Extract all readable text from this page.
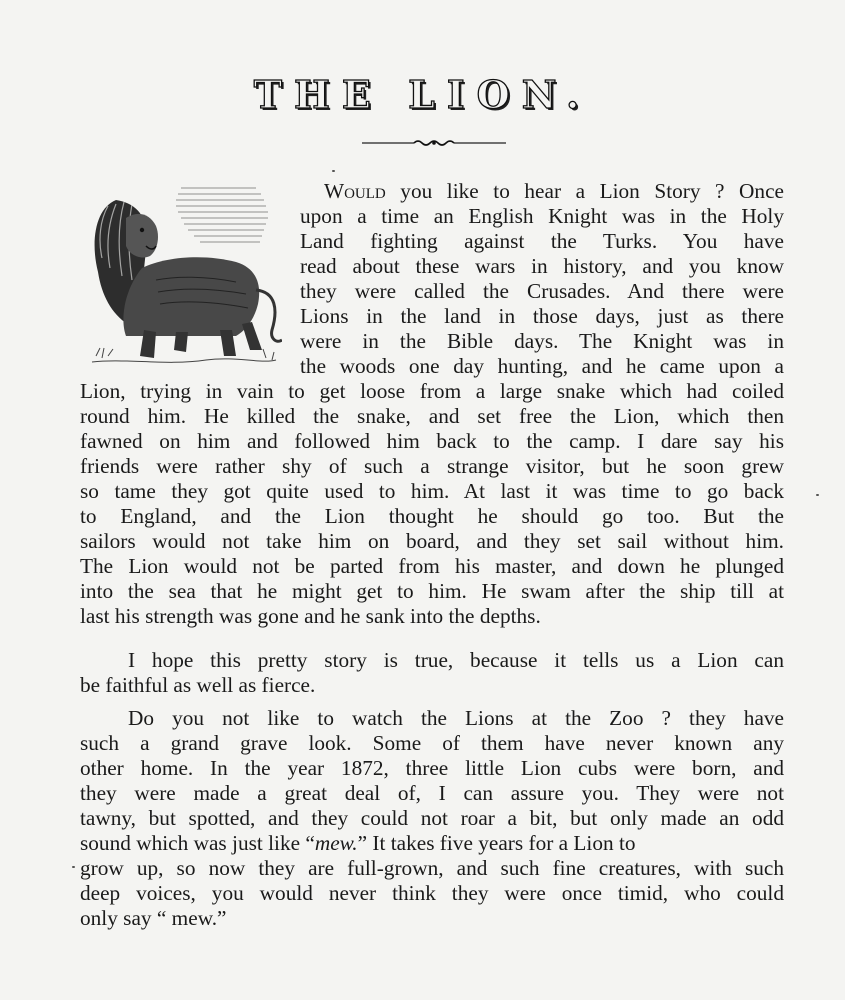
THE LION.
Would you like to hear a Lion Story ? Once
upon a time an English Knight was in the Holy
Land fighting against the Turks. You have
read about these wars in history, and you know
they were called the Crusades. And there were
Lions in the land in those days, just as there
were in the Bible days. The Knight was in
the woods one day hunting, and he came upon a
Lion, trying in vain to get loose from a large snake which had coiled
round him. He killed the snake, and set free the Lion, which then
fawned on him and followed him back to the camp. I dare say his
friends were rather shy of such a strange visitor, but he soon grew
so tame they got quite used to him. At last it was time to go back
to England, and the Lion thought he should go too. But the
sailors would not take him on board, and they set sail without him.
The Lion would not be parted from his master, and down he plunged
into the sea that he might get to him. He swam after the ship till at
last his strength was gone and he sank into the depths.
I hope this pretty story is true, because it tells us a Lion can
be faithful as well as fierce.
Do you not like to watch the Lions at the Zoo ? they have
such a grand grave look. Some of them have never known any
other home. In the year 1872, three little Lion cubs were born, and
they were made a great deal of, I can assure you. They were not
tawny, but spotted, and they could not roar a bit, but only made an odd
sound which was just like “mew.” It takes five years for a Lion to
grow up, so now they are full-grown, and such fine creatures, with such
deep voices, you would never think they were once timid, who could
only say “ mew.”
